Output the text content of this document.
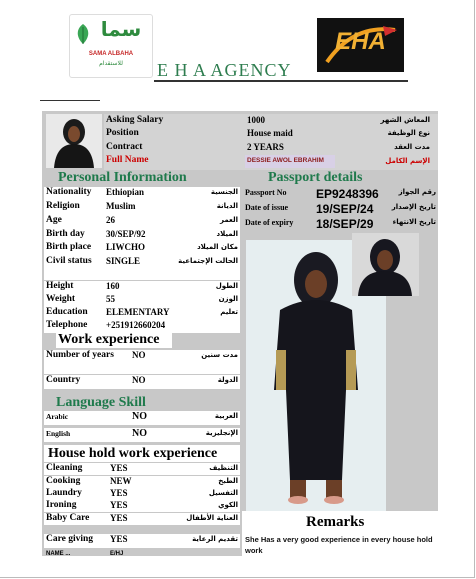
سما
SAMA ALBAHA
للاستقدام
EHA
E H A AGENCY
Asking Salary	1000	المعاش الشهر
Position	House maid	نوع الوظيفة
Contract	2 YEARS	مدت العقد
Full Name	DESSIE AWOL EBRAHIM	الإسم الكامل
Personal Information	Passport details
Nationality	Ethiopian	الجنسية
Religion	Muslim	الديانة
Age	26	العمر
Birth day	30/SEP/92	الميلاد
Birth place	LIWCHO	مكان الميلاد
Civil status	SINGLE	الحالت الإجتماعية
Height	160	الطول
Weight	55	الوزن
Education	ELEMENTARY	تعليم
Telephone	+251912660204
Passport No	EP9248396	رقم الجواز
Date of issue	19/SEP/24	تاريخ الإصدار
Date of expiry	18/SEP/29	تاريخ الانتهاء
Work experience
Number of years NO	مدت سنين
Country	NO	الدولة
Language Skill
Arabic	NO	العربية
English	NO	الإنجليزية
House hold work experience
Cleaning	YES	التنظيف
Cooking	NEW	الطبخ
Laundry	YES	التفسيل
Ironing	YES	الكوي
Baby Care	YES	العناية الأطفال
Care giving	YES	تقديم الرعاية
NAME ...	E/HJ
Remarks
She Has a very good experience in every house hold work
